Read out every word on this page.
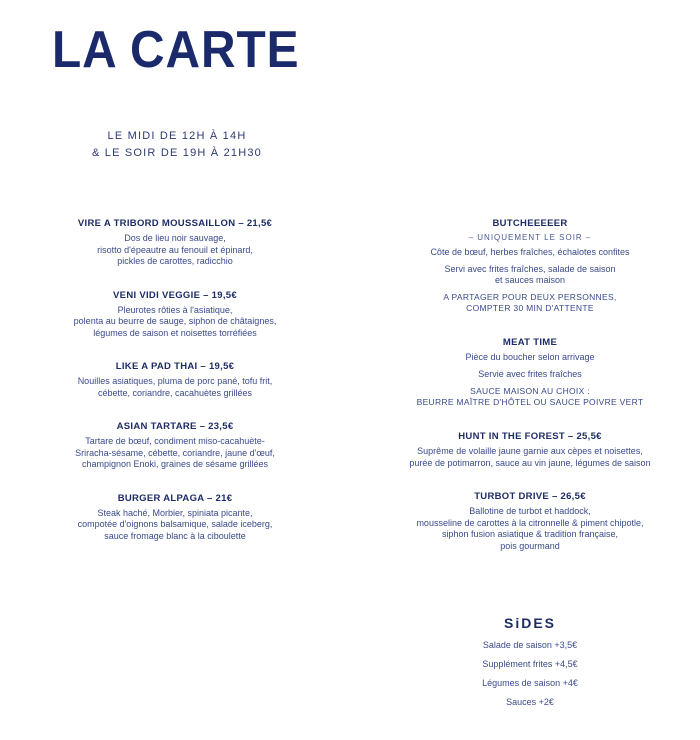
LA CARTE
LE MIDI DE 12H À 14H
& LE SOIR DE 19H À 21H30
VIRE A TRIBORD MOUSSAILLON – 21,5€
Dos de lieu noir sauvage,
risotto d'épeautre au fenouil et épinard,
pickles de carottes, radicchio
VENI VIDI VEGGIE – 19,5€
Pleurotes rôties à l'asiatique,
polenta au beurre de sauge, siphon de châtaignes,
légumes de saison et noisettes torréfiées
LIKE A PAD THAI – 19,5€
Nouilles asiatiques, pluma de porc pané, tofu frit,
cébette, coriandre, cacahuètes grillées
ASIAN TARTARE – 23,5€
Tartare de bœuf, condiment miso-cacahuète-
Sriracha-sésame, cébette, coriandre, jaune d'œuf,
champignon Enoki, graines de sésame grillées
BURGER ALPAGA – 21€
Steak haché, Morbier, spiniata picante,
compotée d'oignons balsamique, salade iceberg,
sauce fromage blanc à la ciboulette
BUTCHEEEEER
– UNIQUEMENT LE SOIR –
Côte de bœuf, herbes fraîches, échalotes confites
Servi avec frites fraîches, salade de saison
et sauces maison
A PARTAGER POUR DEUX PERSONNES,
COMPTER 30 MIN D'ATTENTE
MEAT TIME
Pièce du boucher selon arrivage
Servie avec frites fraîches
SAUCE MAISON AU CHOIX :
BEURRE MAÎTRE D'HÔTEL OU SAUCE POIVRE VERT
HUNT IN THE FOREST – 25,5€
Suprême de volaille jaune garnie aux cèpes et noisettes,
purée de potimarron, sauce au vin jaune, légumes de saison
TURBOT DRIVE – 26,5€
Ballotine de turbot et haddock,
mousseline de carottes à la citronnelle & piment chipotle,
siphon fusion asiatique & tradition française,
pois gourmand
SiDES
Salade de saison +3,5€
Supplément frites +4,5€
Légumes de saison +4€
Sauces +2€
